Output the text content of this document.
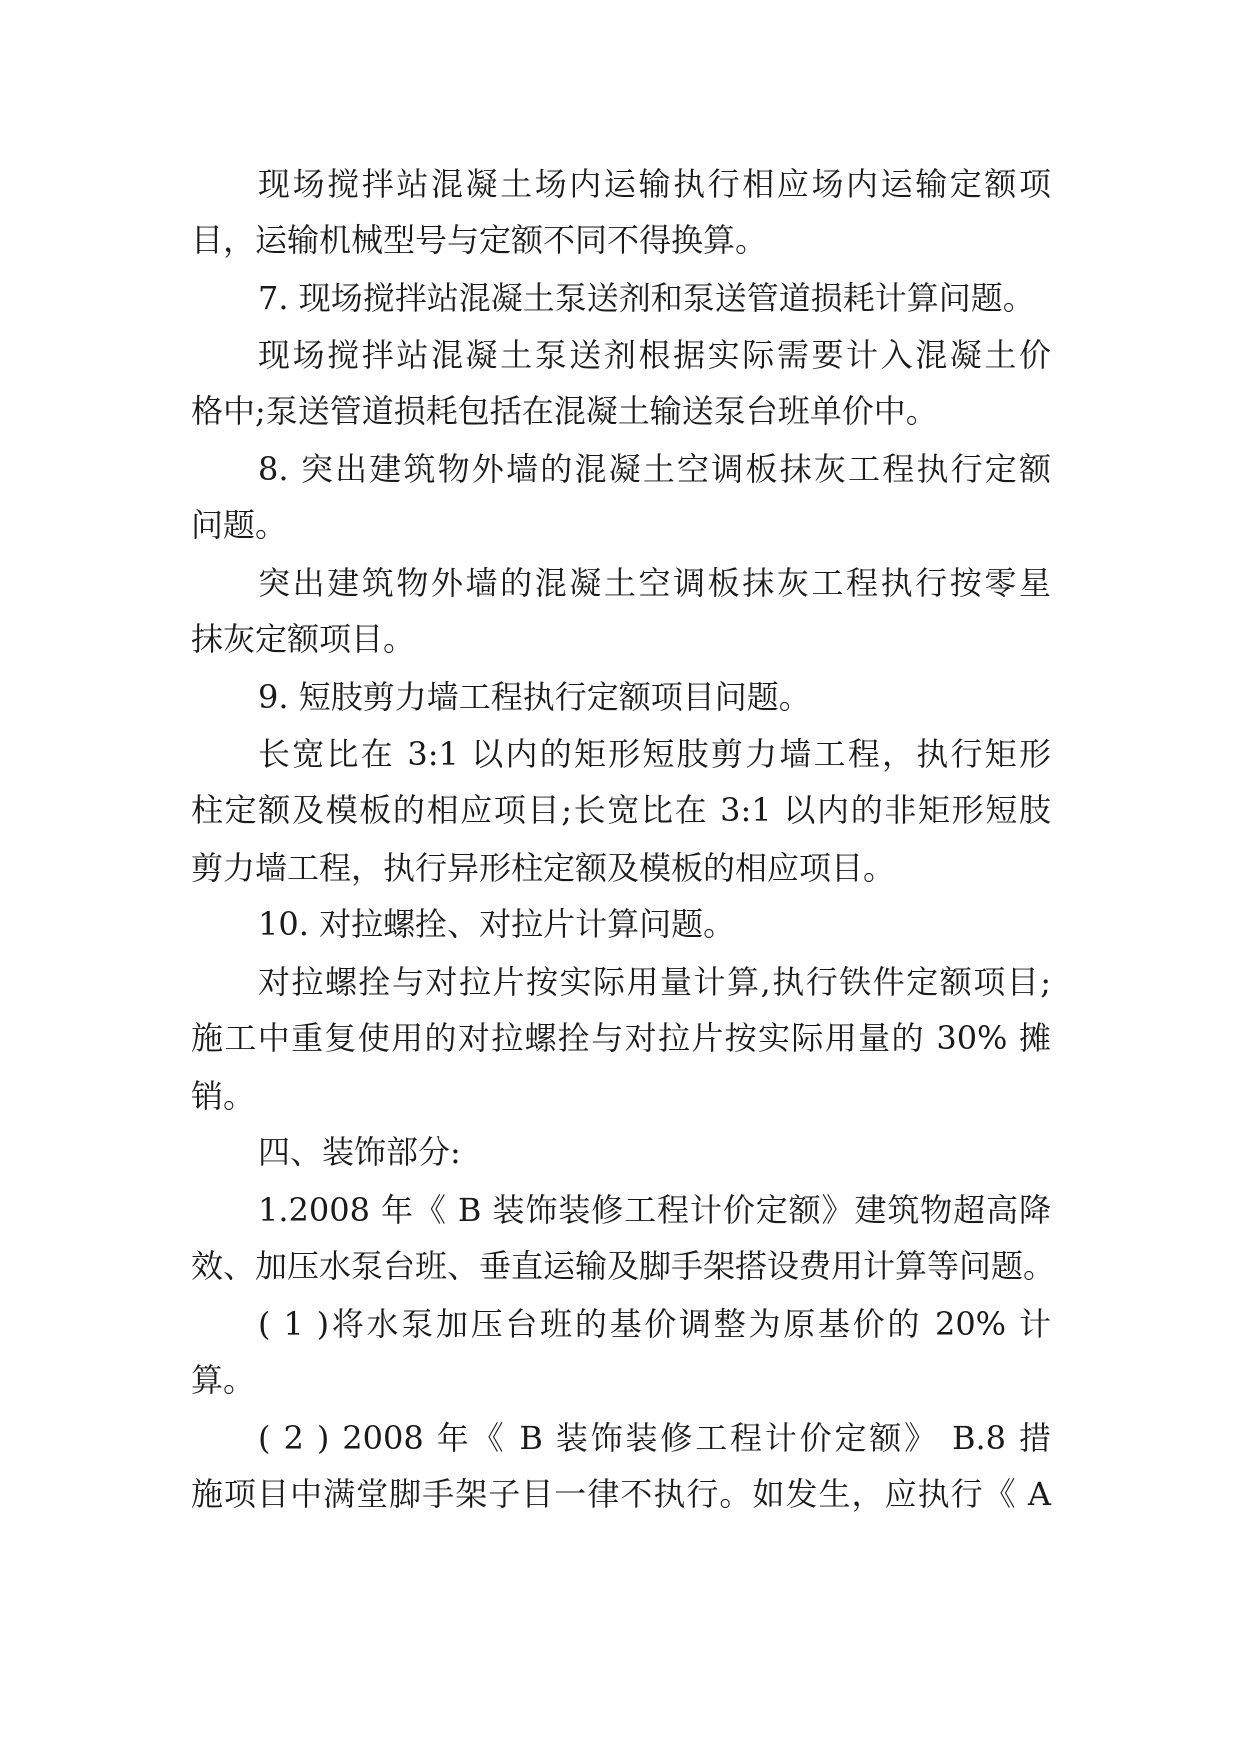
现场搅拌站混凝土场内运输执行相应场内运输定额项
目，运输机械型号与定额不同不得换算。
7. 现场搅拌站混凝土泵送剂和泵送管道损耗计算问题。
现场搅拌站混凝土泵送剂根据实际需要计入混凝土价
格中;泵送管道损耗包括在混凝土输送泵台班单价中。
8. 突出建筑物外墙的混凝土空调板抹灰工程执行定额
问题。
突出建筑物外墙的混凝土空调板抹灰工程执行按零星
抹灰定额项目。
9. 短肢剪力墙工程执行定额项目问题。
长宽比在 3:1 以内的矩形短肢剪力墙工程，执行矩形
柱定额及模板的相应项目;长宽比在 3:1 以内的非矩形短肢
剪力墙工程，执行异形柱定额及模板的相应项目。
10. 对拉螺拴、对拉片计算问题。
对拉螺拴与对拉片按实际用量计算,执行铁件定额项目;
施工中重复使用的对拉螺拴与对拉片按实际用量的 30% 摊
销。
四、装饰部分:
1.2008 年《 B 装饰装修工程计价定额》建筑物超高降
效、加压水泵台班、垂直运输及脚手架搭设费用计算等问题。
( 1 )将水泵加压台班的基价调整为原基价的 20% 计
算。
( 2 ) 2008 年《 B 装饰装修工程计价定额》 B.8 措
施项目中满堂脚手架子目一律不执行。如发生，应执行《 A
